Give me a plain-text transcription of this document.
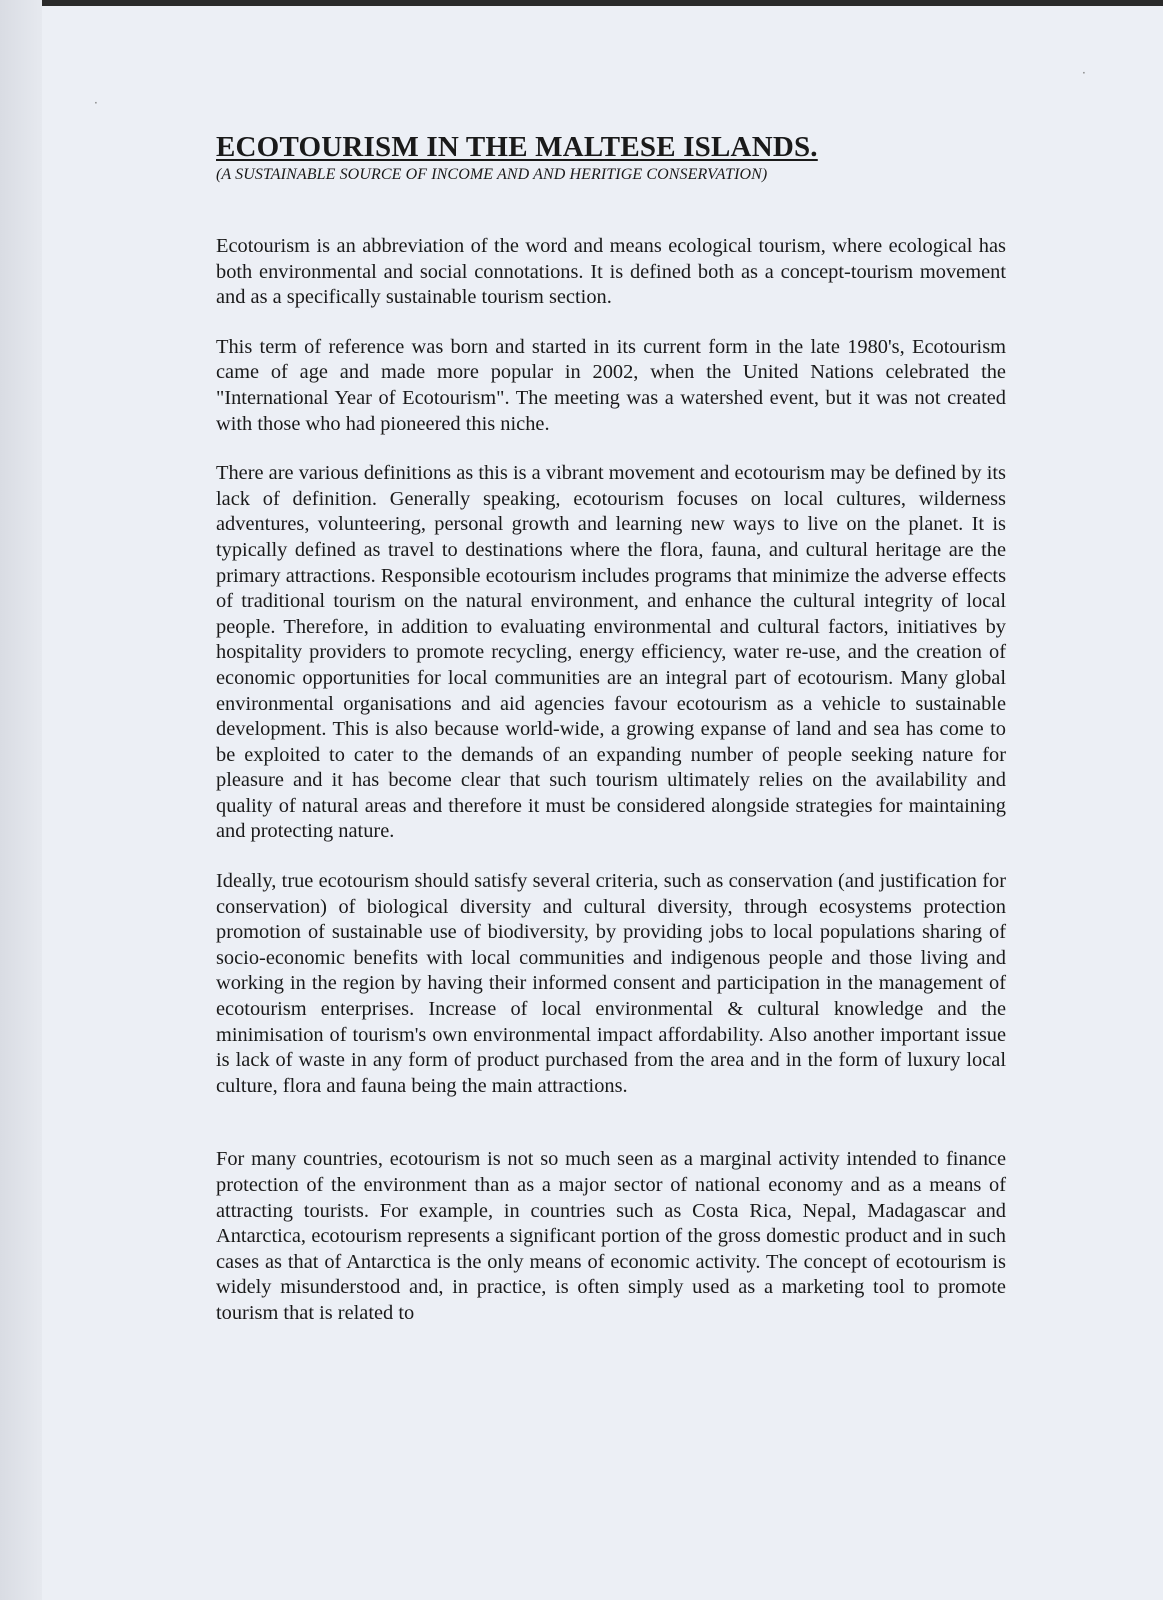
·
·
ECOTOURISM IN THE MALTESE ISLANDS.
(A SUSTAINABLE SOURCE OF INCOME AND AND HERITIGE CONSERVATION)

Ecotourism is an abbreviation of the word and means ecological tourism, where ecological has both environmental and social connotations. It is defined both as a concept-tourism movement and as a specifically sustainable tourism section.

This term of reference was born and started in its current form in the late 1980's, Ecotourism came of age and made more popular in 2002, when the United Nations celebrated the "International Year of Ecotourism". The meeting was a watershed event, but it was not created with those who had pioneered this niche.

There are various definitions as this is a vibrant movement and ecotourism may be defined by its lack of definition. Generally speaking, ecotourism focuses on local cultures, wilderness adventures, volunteering, personal growth and learning new ways to live on the planet. It is typically defined as travel to destinations where the flora, fauna, and cultural heritage are the primary attractions. Responsible ecotourism includes programs that minimize the adverse effects of traditional tourism on the natural environment, and enhance the cultural integrity of local people. Therefore, in addition to evaluating environmental and cultural factors, initiatives by hospitality providers to promote recycling, energy efficiency, water re-use, and the creation of economic opportunities for local communities are an integral part of ecotourism. Many global environmental organisations and aid agencies favour ecotourism as a vehicle to sustainable development. This is also because world-wide, a growing expanse of land and sea has come to be exploited to cater to the demands of an expanding number of people seeking nature for pleasure and it has become clear that such tourism ultimately relies on the availability and quality of natural areas and therefore it must be considered alongside strategies for maintaining and protecting nature.

Ideally, true ecotourism should satisfy several criteria, such as conservation (and justification for conservation) of biological diversity and cultural diversity, through ecosystems protection promotion of sustainable use of biodiversity, by providing jobs to local populations sharing of socio-economic benefits with local communities and indigenous people and those living and working in the region by having their informed consent and participation in the management of ecotourism enterprises. Increase of local environmental & cultural knowledge and the minimisation of tourism's own environmental impact affordability. Also another important issue is lack of waste in any form of product purchased from the area and in the form of luxury local culture, flora and fauna being the main attractions.

For many countries, ecotourism is not so much seen as a marginal activity intended to finance protection of the environment than as a major sector of national economy and as a means of attracting tourists. For example, in countries such as Costa Rica, Nepal, Madagascar and Antarctica, ecotourism represents a significant portion of the gross domestic product and in such cases as that of Antarctica is the only means of economic activity. The concept of ecotourism is widely misunderstood and, in practice, is often simply used as a marketing tool to promote tourism that is related to
